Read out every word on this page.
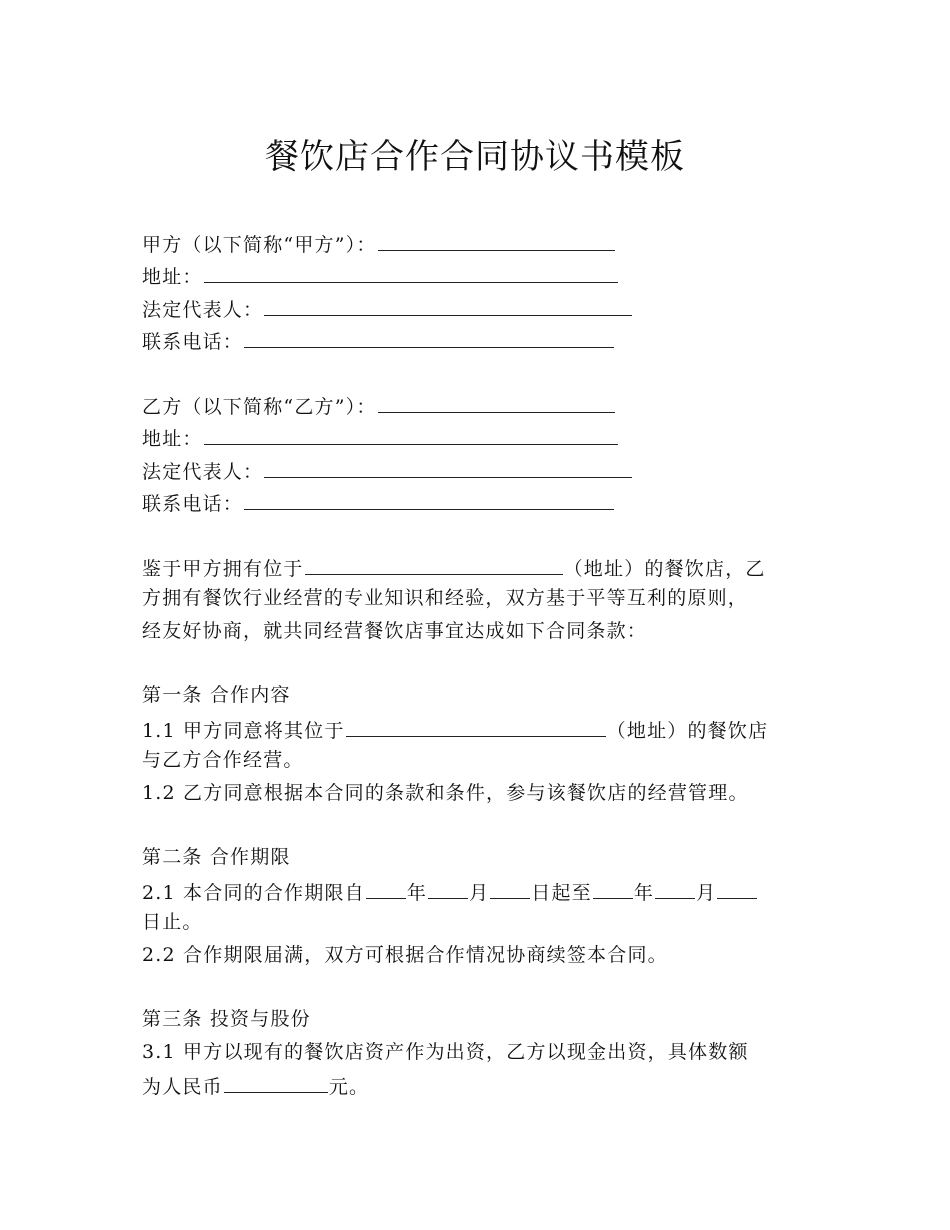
餐饮店合作合同协议书模板
甲方（以下简称“甲方”）：
地址：
法定代表人：
联系电话：
乙方（以下简称“乙方”）：
地址：
法定代表人：
联系电话：
鉴于甲方拥有位于	（地址）的餐饮店，乙
方拥有餐饮行业经营的专业知识和经验，双方基于平等互利的原则，
经友好协商，就共同经营餐饮店事宜达成如下合同条款：
第一条 合作内容
1.1 甲方同意将其位于	（地址）的餐饮店
与乙方合作经营。
1.2 乙方同意根据本合同的条款和条件，参与该餐饮店的经营管理。
第二条 合作期限
2.1 本合同的合作期限自 年 月 日起至 年 月
日止。
2.2 合作期限届满，双方可根据合作情况协商续签本合同。
第三条 投资与股份
3.1 甲方以现有的餐饮店资产作为出资，乙方以现金出资，具体数额
为人民币	元。
